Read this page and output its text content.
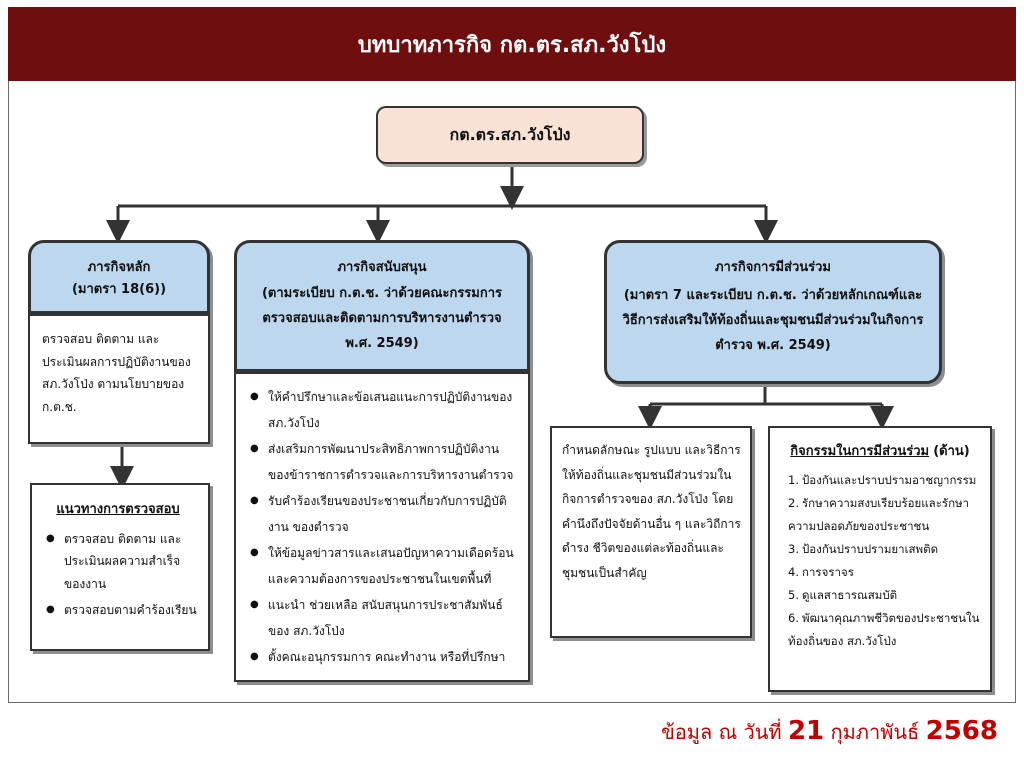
บทบาทภารกิจ กต.ตร.สภ.วังโป่ง
กต.ตร.สภ.วังโป่ง
ภารกิจหลัก
(มาตรา 18(6))
ตรวจสอบ ติดตาม และประเมินผลการปฏิบัติงานของ สภ.วังโป่ง ตามนโยบายของ ก.ต.ช.
แนวทางการตรวจสอบ
● ตรวจสอบ ติดตาม และประเมินผลความสำเร็จของงาน
● ตรวจสอบตามคำร้องเรียน
ภารกิจสนับสนุน
(ตามระเบียบ ก.ต.ช. ว่าด้วยคณะกรรมการ ตรวจสอบและติดตามการบริหารงานตำรวจ พ.ศ. 2549)
● ให้คำปรึกษาและข้อเสนอแนะการปฏิบัติงานของ สภ.วังโป่ง
● ส่งเสริมการพัฒนาประสิทธิภาพการปฏิบัติงานของข้าราชการตำรวจและการบริหารงานตำรวจ
● รับคำร้องเรียนของประชาชนเกี่ยวกับการปฏิบัติงาน ของตำรวจ
● ให้ข้อมูลข่าวสารและเสนอปัญหาความเดือดร้อนและความต้องการของประชาชนในเขตพื้นที่
● แนะนำ ช่วยเหลือ สนับสนุนการประชาสัมพันธ์ ของ สภ.วังโป่ง
● ตั้งคณะอนุกรรมการ คณะทำงาน หรือที่ปรึกษา
ภารกิจการมีส่วนร่วม
(มาตรา 7 และระเบียบ ก.ต.ช. ว่าด้วยหลักเกณฑ์และวิธีการส่งเสริมให้ท้องถิ่นและชุมชนมีส่วนร่วมในกิจการตำรวจ พ.ศ. 2549)
กำหนดลักษณะ รูปแบบ และวิธีการให้ท้องถิ่นและชุมชนมีส่วนร่วมในกิจการตำรวจของ สภ.วังโป่ง โดยคำนึงถึงปัจจัยด้านอื่น ๆ และวิถีการดำรง ชีวิตของแต่ละท้องถิ่นและชุมชนเป็นสำคัญ
กิจกรรมในการมีส่วนร่วม (ด้าน)
1. ป้องกันและปราบปรามอาชญากรรม
2. รักษาความสงบเรียบร้อยและรักษาความปลอดภัยของประชาชน
3. ป้องกันปราบปรามยาเสพติด
4. การจราจร
5. ดูแลสาธารณสมบัติ
6. พัฒนาคุณภาพชีวิตของประชาชนในท้องถิ่นของ สภ.วังโป่ง
ข้อมูล ณ วันที่ 21 กุมภาพันธ์ 2568
